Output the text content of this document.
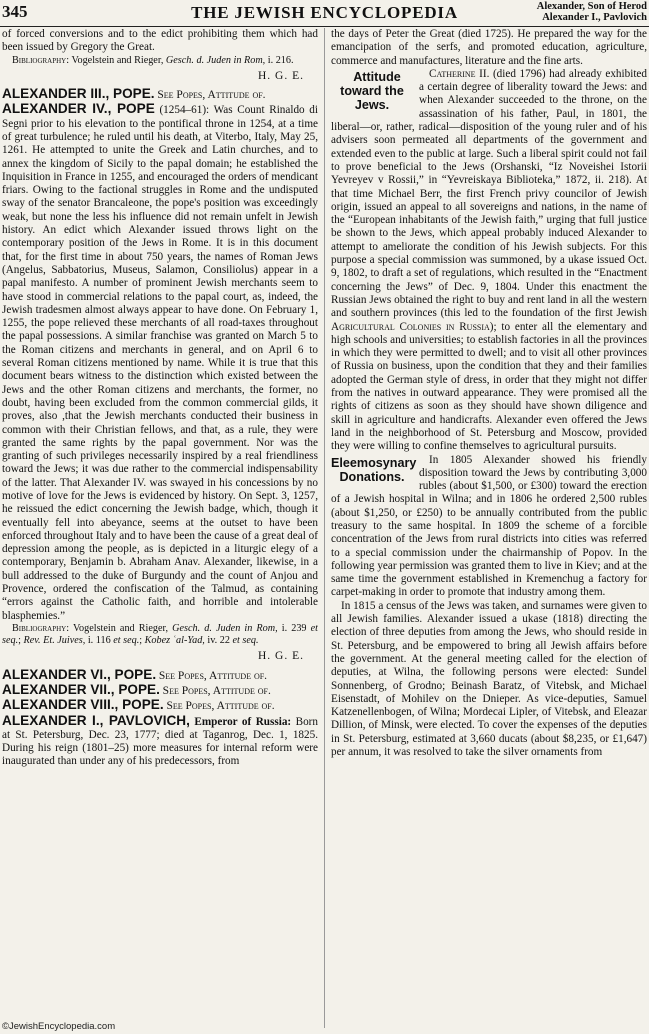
345	THE JEWISH ENCYCLOPEDIA	Alexander, Son of Herod
Alexander I., Pavlovich

of forced conversions and to the edict prohibiting them which had been issued by Gregory the Great.

Bibliography: Vogelstein and Rieger, Gesch. d. Juden in Rom, i. 216.

H. G. E.

ALEXANDER III., POPE. See Popes, Attitude of.

ALEXANDER IV., POPE (1254–61): Was Count Rinaldo di Segni prior to his elevation to the pontifical throne in 1254, at a time of great turbulence; he ruled until his death, at Viterbo, Italy, May 25, 1261. He attempted to unite the Greek and Latin churches, and to annex the kingdom of Sicily to the papal domain; he established the Inquisition in France in 1255, and encouraged the orders of mendicant friars. Owing to the factional struggles in Rome and the undisputed sway of the senator Brancaleone, the pope's position was exceedingly weak, but none the less his influence did not remain unfelt in Jewish history. An edict which Alexander issued throws light on the contemporary position of the Jews in Rome. It is in this document that, for the first time in about 750 years, the names of Roman Jews (Angelus, Sabbatorius, Museus, Salamon, Consiliolus) appear in a papal manifesto. A number of prominent Jewish merchants seem to have stood in commercial relations to the papal court, as, indeed, the Jewish tradesmen almost always appear to have done. On February 1, 1255, the pope relieved these merchants of all road-taxes throughout the papal possessions. A similar franchise was granted on March 5 to the Roman citizens and merchants in general, and on April 6 to several Roman citizens mentioned by name. While it is true that this document bears witness to the distinction which existed between the Jews and the other Roman citizens and merchants, the former, no doubt, having been excluded from the common commercial gilds, it proves, also ,that the Jewish merchants conducted their business in common with their Christian fellows, and that, as a rule, they were granted the same rights by the papal government. Nor was the granting of such privileges necessarily inspired by a real friendliness toward the Jews; it was due rather to the commercial indispensability of the latter. That Alexander IV. was swayed in his concessions by no motive of love for the Jews is evidenced by history. On Sept. 3, 1257, he reissued the edict concerning the Jewish badge, which, though it eventually fell into abeyance, seems at the outset to have been enforced throughout Italy and to have been the cause of a great deal of depression among the people, as is depicted in a liturgic elegy of a contemporary, Benjamin b. Abraham Anav. Alexander, likewise, in a bull addressed to the duke of Burgundy and the count of Anjou and Provence, ordered the confiscation of the Talmud, as containing “errors against the Catholic faith, and horrible and intolerable blasphemies.”

Bibliography: Vogelstein and Rieger, Gesch. d. Juden in Rom, i. 239 et seq.; Rev. Et. Juives, i. 116 et seq.; Kobez ʿal-Yad, iv. 22 et seq.

H. G. E.

ALEXANDER VI., POPE. See Popes, Attitude of.

ALEXANDER VII., POPE. See Popes, Attitude of.

ALEXANDER VIII., POPE. See Popes, Attitude of.

ALEXANDER I., PAVLOVICH, Emperor of Russia: Born at St. Petersburg, Dec. 23, 1777; died at Taganrog, Dec. 1, 1825. During his reign (1801–25) more measures for internal reform were inaugurated than under any of his predecessors, from

the days of Peter the Great (died 1725). He prepared the way for the emancipation of the serfs, and promoted education, agriculture, commerce and manufactures, literature and the fine arts.

Catherine
Attitude toward the Jews.
II. (died 1796) had already exhibited a certain degree of liberality toward the Jews: and when Alexander succeeded to the throne, on the assassination of his father, Paul, in 1801, the liberal—or, rather, radical—disposition of the young ruler and of his advisers soon permeated all departments of the government and extended even to the public at large. Such a liberal spirit could not fail to prove beneficial to the Jews (Orshanski, “Iz Noveishei Istorii Yevreyev v Rossii,” in “Yevreiskaya Biblioteka,” 1872, ii. 218). At that time Michael Berr, the first French privy councilor of Jewish origin, issued an appeal to all sovereigns and nations, in the name of the “European inhabitants of the Jewish faith,” urging that full justice be shown to the Jews, which appeal probably induced Alexander to attempt to ameliorate the condition of his Jewish subjects. For this purpose a special commission was summoned, by a ukase issued Oct. 9, 1802, to draft a set of regulations, which resulted in the “Enactment concerning the Jews” of Dec. 9, 1804. Under this enactment the Russian Jews obtained the right to buy and rent land in all the western and southern provinces (this led to the foundation of the first Jewish Agricultural Colonies in Russia); to enter all the elementary and high schools and universities; to establish factories in all the provinces in which they were permitted to dwell; and to visit all other provinces of Russia on business, upon the condition that they and their families adopted the German style of dress, in order that they might not differ from the natives in outward appearance. They were promised all the rights of citizens as soon as they should have shown diligence and skill in agriculture and handicrafts. Alexander even offered the Jews land in the neighborhood of St. Petersburg and Moscow, provided they were willing to confine themselves to agricultural pursuits.

Eleemosynary Donations.

In 1805 Alexander showed his friendly disposition toward the Jews by contributing 3,000 rubles (about $1,500, or £300) toward the erection of a Jewish hospital in Wilna; and in 1806 he ordered 2,500 rubles (about $1,250, or £250) to be annually contributed from the public treasury to the same hospital. In 1809 the scheme of a forcible concentration of the Jews from rural districts into cities was referred to a special commission under the chairmanship of Popov. In the following year permission was granted them to live in Kiev; and at the same time the government established in Kremenchug a factory for carpet-making in order to promote that industry among them.

In 1815 a census of the Jews was taken, and surnames were given to all Jewish families. Alexander issued a ukase (1818) directing the election of three deputies from among the Jews, who should reside in St. Petersburg, and be empowered to bring all Jewish affairs before the government. At the general meeting called for the election of deputies, at Wilna, the following persons were elected: Sundel Sonnenberg, of Grodno; Beinash Baratz, of Vitebsk, and Michael Eisenstadt, of Mohilev on the Dnieper. As vice-deputies, Samuel Katzenellenbogen, of Wilna; Mordecai Lipler, of Vitebsk, and Eleazar Dillion, of Minsk, were elected. To cover the expenses of the deputies in St. Petersburg, estimated at 3,660 ducats (about $8,235, or £1,647) per annum, it was resolved to take the silver ornaments from

©JewishEncyclopedia.com
